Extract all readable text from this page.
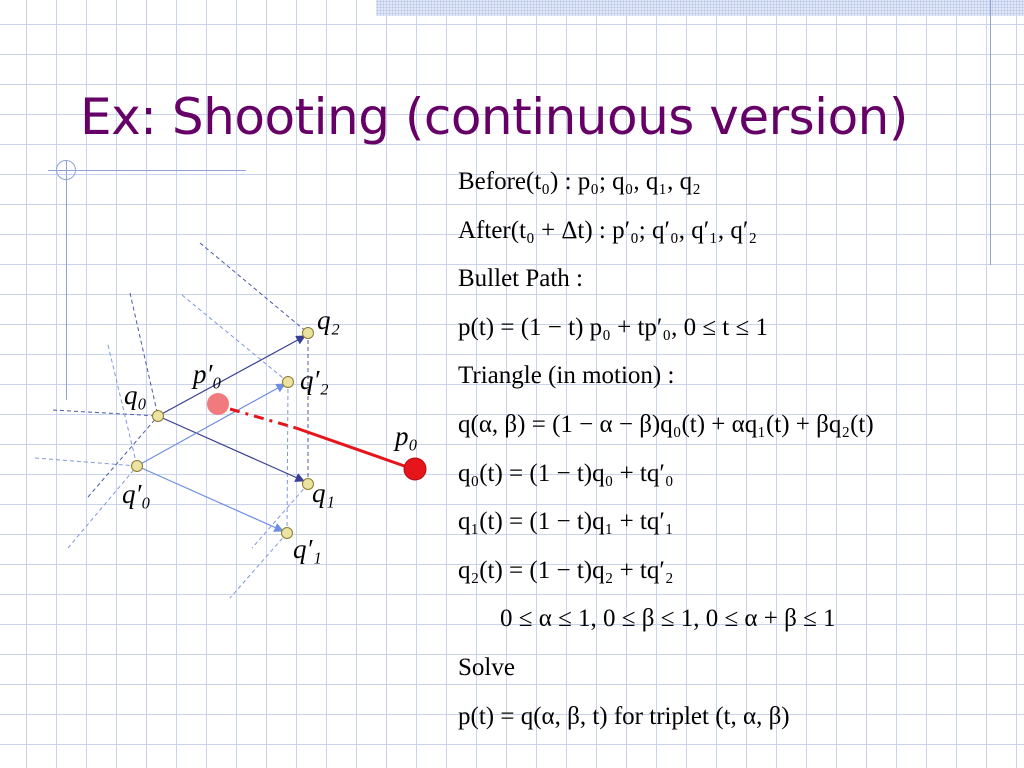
Ex: Shooting (continuous version)
q₂
q′₂
p′₀
q₀
p₀
q′₀	q₁
q′₁
Before(t₀) : p₀; q₀, q₁, q₂
After(t₀ + Δt) : p′₀; q′₀, q′₁, q′₂
Bullet Path :
p(t) = (1 − t) p₀ + tp′₀, 0 ≤ t ≤ 1
Triangle (in motion) :
q(α, β) = (1 − α − β)q₀(t) + αq₁(t) + βq₂(t)
q₀(t) = (1 − t)q₀ + tq′₀
q₁(t) = (1 − t)q₁ + tq′₁
q₂(t) = (1 − t)q₂ + tq′₂
0 ≤ α ≤ 1, 0 ≤ β ≤ 1, 0 ≤ α + β ≤ 1
Solve
p(t) = q(α, β, t) for triplet (t, α, β)
